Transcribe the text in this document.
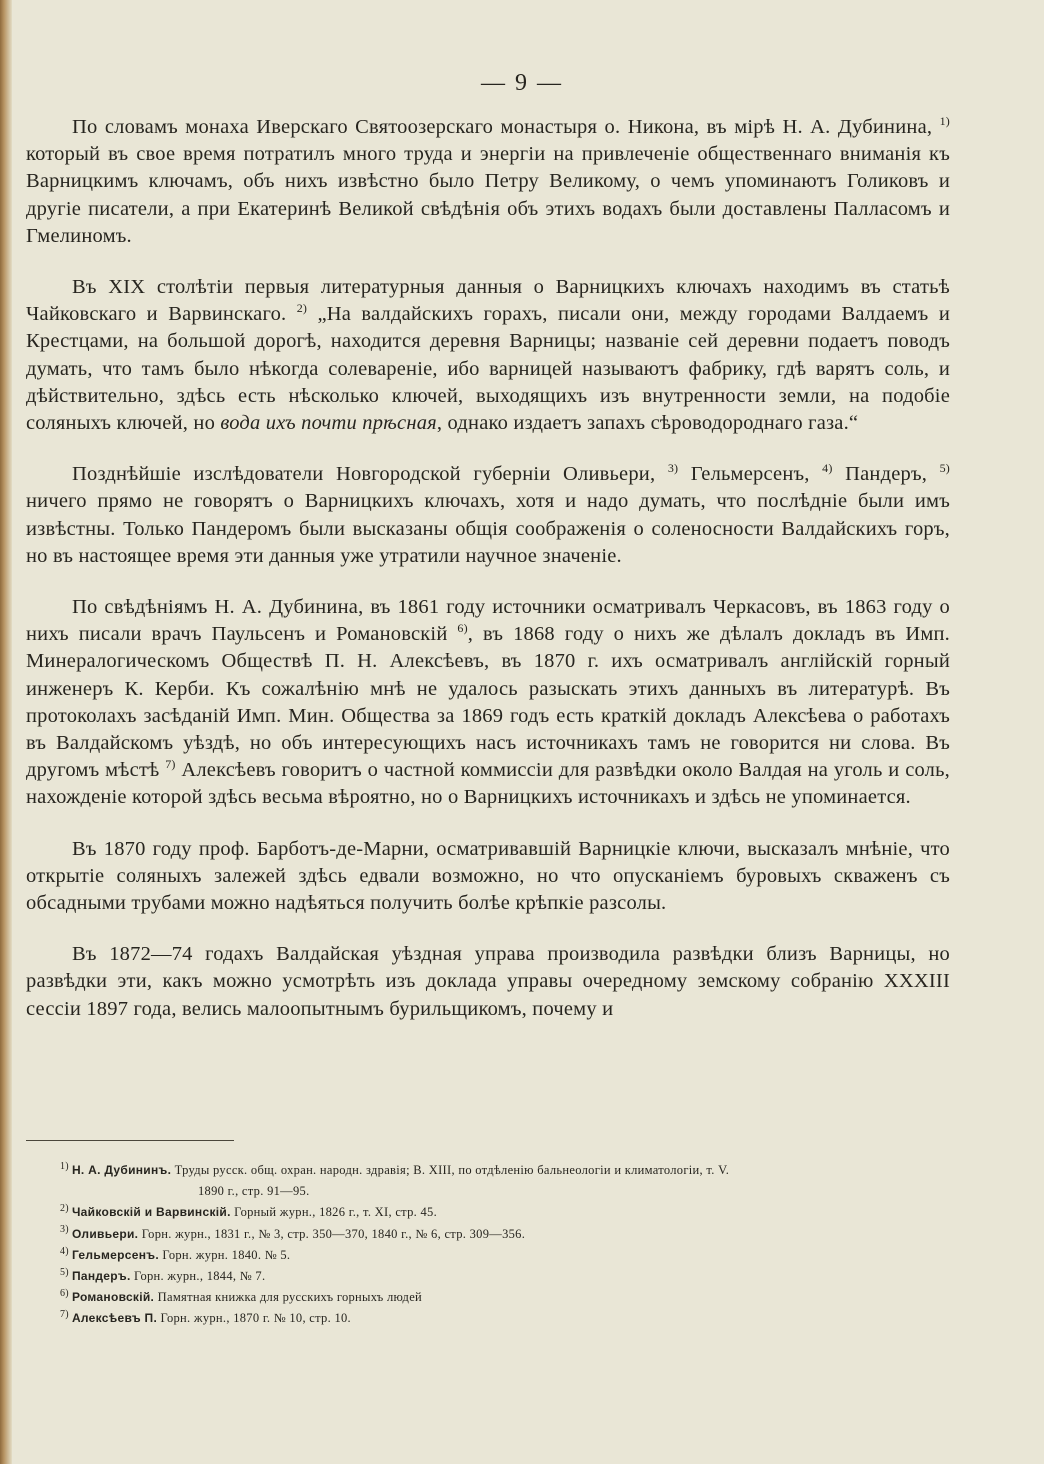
— 9 —

По словамъ монаха Иверскаго Святоозерскаго монастыря о. Никона, въ мірѣ Н. А. Дубинина, $^{1)}$ который въ свое время потратилъ много труда и энергіи на привлеченіе общественнаго вниманія къ Варницкимъ ключамъ, объ нихъ извѣстно было Петру Великому, о чемъ упоминаютъ Голиковъ и другіе писатели, а при Екатеринѣ Великой свѣдѣнія объ этихъ водахъ были доставлены Палласомъ и Гмелиномъ.

Въ XIX столѣтіи первыя литературныя данныя о Варницкихъ ключахъ находимъ въ статьѣ Чайковскаго и Варвинскаго. $^{2)}$ „На валдайскихъ горахъ, писали они, между городами Валдаемъ и Крестцами, на большой дорогѣ, находится деревня Варницы; названіе сей деревни подаетъ поводъ думать, что тамъ было нѣкогда солевареніе, ибо варницей называютъ фабрику, гдѣ варятъ соль, и дѣйствительно, здѣсь есть нѣсколько ключей, выходящихъ изъ внутренности земли, на подобіе соляныхъ ключей, но вода ихъ почти прѣсная, однако издаетъ запахъ сѣроводороднаго газа.“

Позднѣйшіе изслѣдователи Новгородской губерніи Оливьери, $^{3)}$ Гельмерсенъ, $^{4)}$ Пандеръ, $^{5)}$ ничего прямо не говорятъ о Варницкихъ ключахъ, хотя и надо думать, что послѣдніе были имъ извѣстны. Только Пандеромъ были высказаны общія соображенія о соленосности Валдайскихъ горъ, но въ настоящее время эти данныя уже утратили научное значеніе.

По свѣдѣніямъ Н. А. Дубинина, въ 1861 году источники осматривалъ Черкасовъ, въ 1863 году о нихъ писали врачъ Паульсенъ и Романовскій $^{6)}$, въ 1868 году о нихъ же дѣлалъ докладъ въ Имп. Минералогическомъ Обществѣ П. Н. Алексѣевъ, въ 1870 г. ихъ осматривалъ англійскій горный инженеръ К. Керби. Къ сожалѣнію мнѣ не удалось разыскать этихъ данныхъ въ литературѣ. Въ протоколахъ засѣданій Имп. Мин. Общества за 1869 годъ есть краткій докладъ Алексѣева о работахъ въ Валдайскомъ уѣздѣ, но объ интересующихъ насъ источникахъ тамъ не говорится ни слова. Въ другомъ мѣстѣ $^{7)}$ Алексѣевъ говоритъ о частной коммиссіи для развѣдки около Валдая на уголь и соль, нахожденіе которой здѣсь весьма вѣроятно, но о Варницкихъ источникахъ и здѣсь не упоминается.

Въ 1870 году проф. Барботъ-де-Марни, осматривавшій Варницкіе ключи, высказалъ мнѣніе, что открытіе соляныхъ залежей здѣсь едвали возможно, но что опусканіемъ буровыхъ скваженъ съ обсадными трубами можно надѣяться получить болѣе крѣпкіе разсолы.

Въ 1872—74 годахъ Валдайская уѣздная управа производила развѣдки близъ Варницы, но развѣдки эти, какъ можно усмотрѣть изъ доклада управы очередному земскому собранію XXXIII сессіи 1897 года, велись малоопытнымъ бурильщикомъ, почему и

$^{1)}$ Н. А. Дубининъ. Труды русск. общ. охран. народн. здравія; В. XIII, по отдѣленію бальнеологіи и климатологіи, т. V.
1890 г., стр. 91—95.
$^{2)}$ Чайковскій и Варвинскій. Горный журн., 1826 г., т. XI, стр. 45.
$^{3)}$ Оливьери. Горн. журн., 1831 г., № 3, стр. 350—370, 1840 г., № 6, стр. 309—356.
$^{4)}$ Гельмерсенъ. Горн. журн. 1840. № 5.
$^{5)}$ Пандеръ. Горн. журн., 1844, № 7.
$^{6)}$ Романовскій. Памятная книжка для русскихъ горныхъ людей
$^{7)}$ Алексѣевъ П. Горн. журн., 1870 г. № 10, стр. 10.
